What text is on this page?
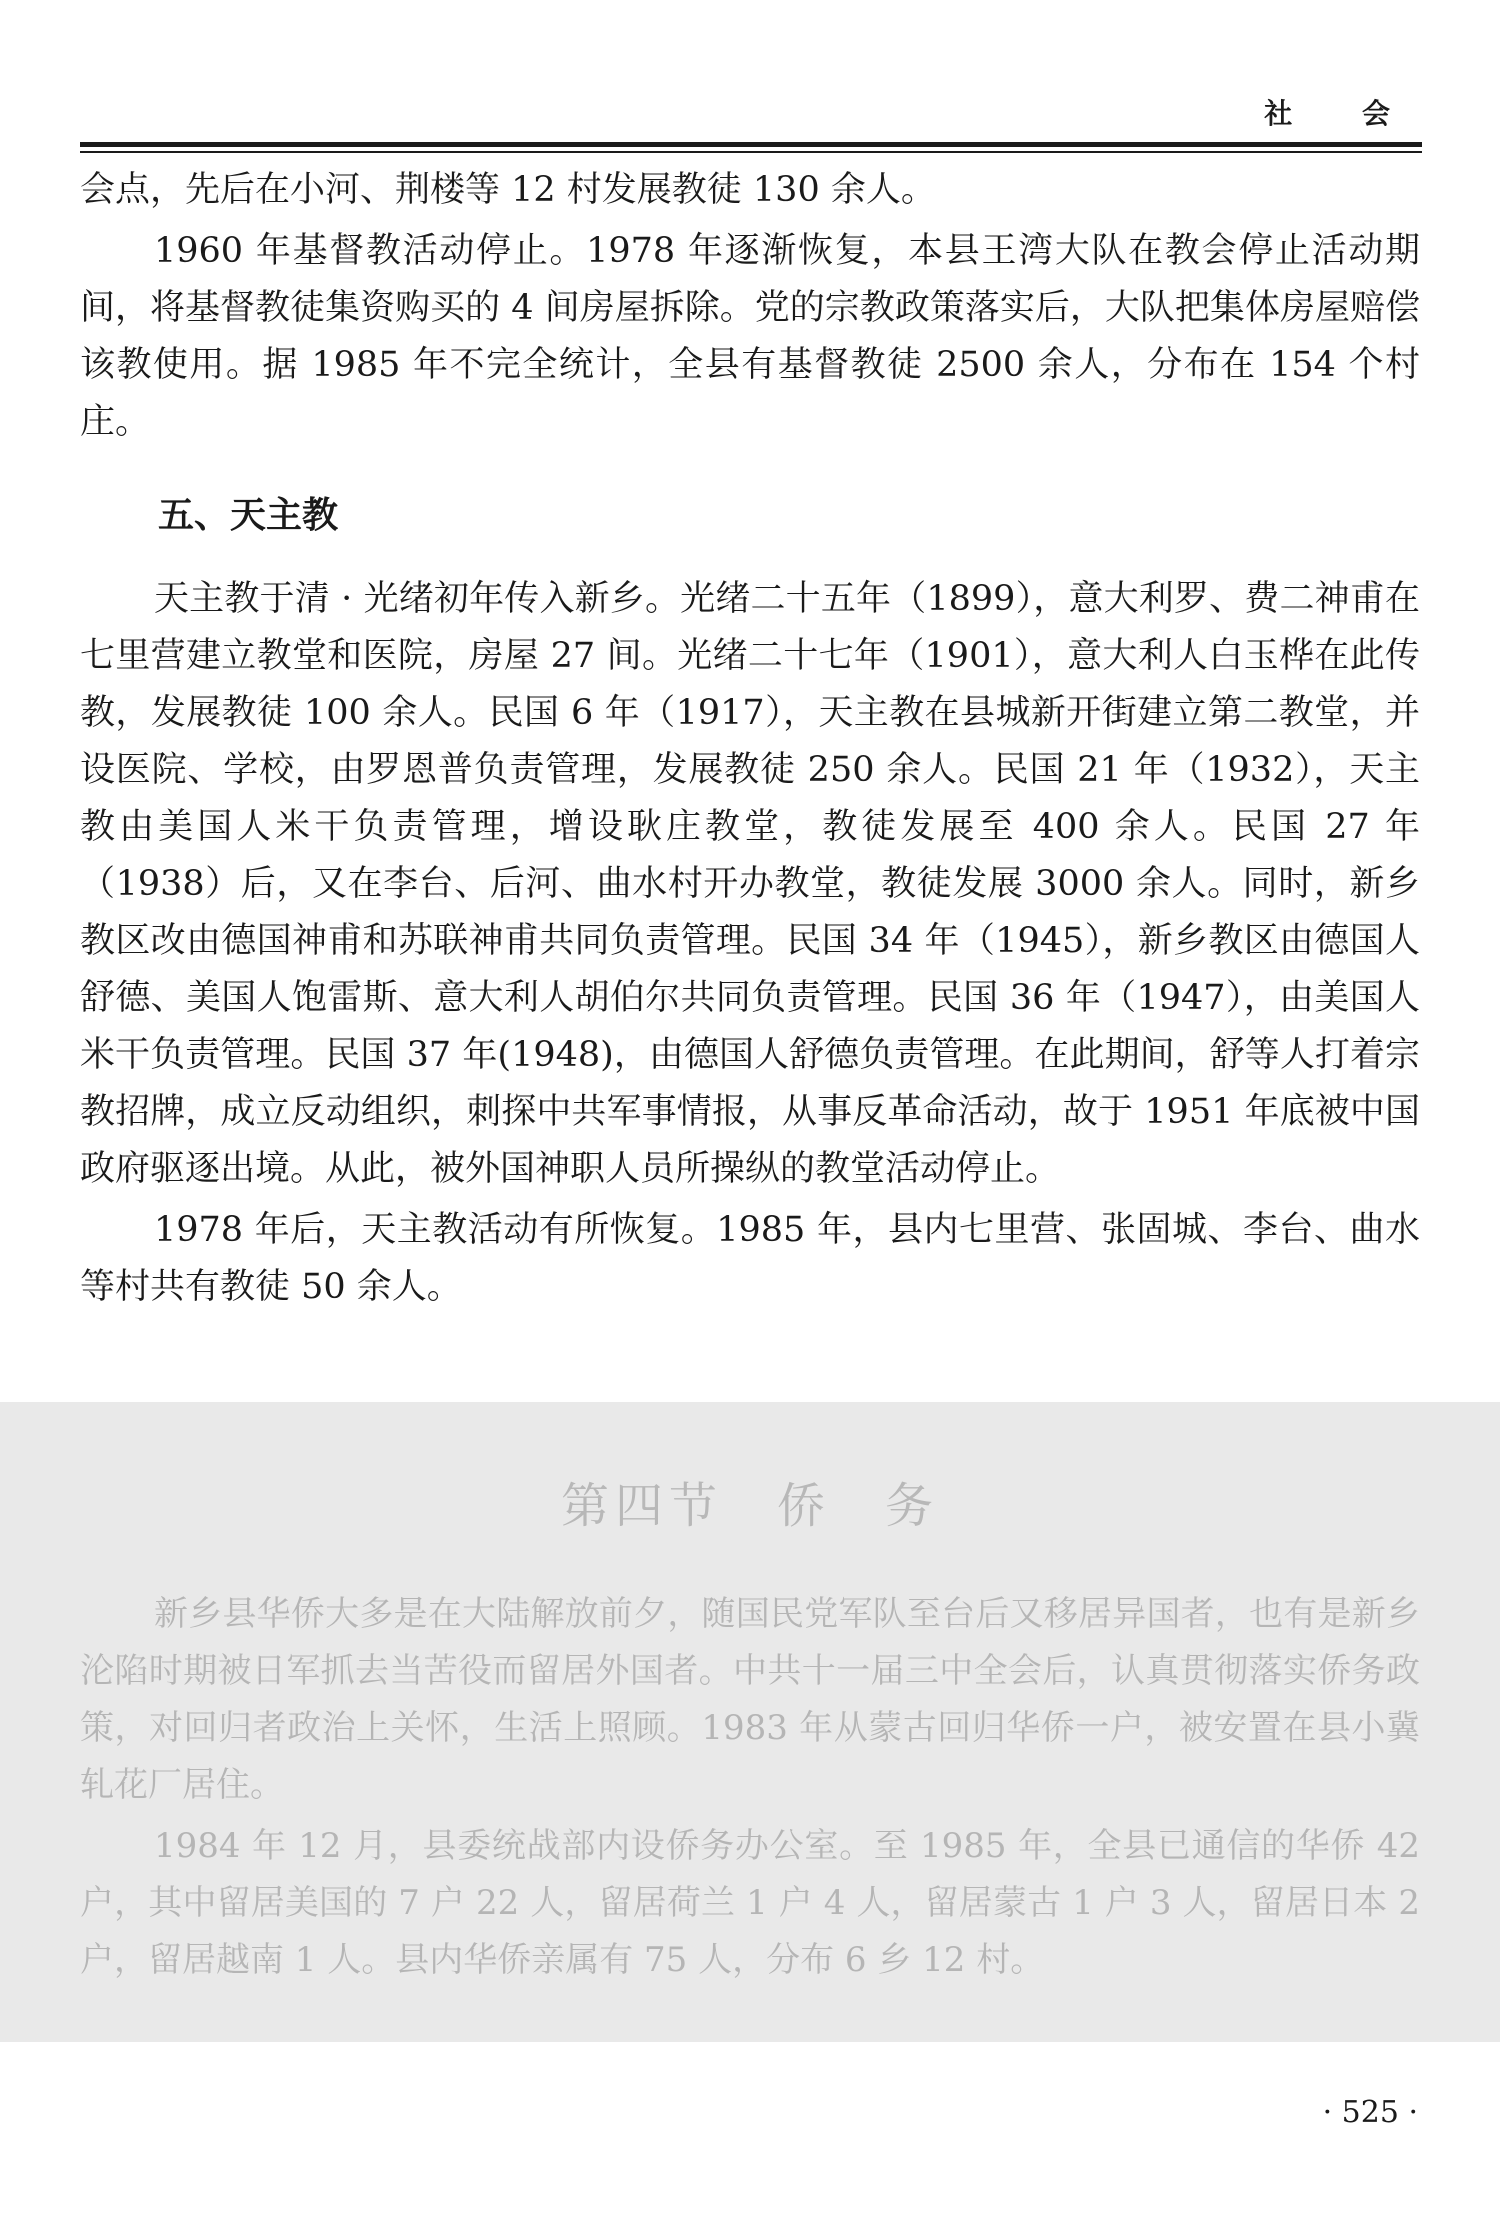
社 会

会点，先后在小河、荆楼等 12 村发展教徒 130 余人。

1960 年基督教活动停止。1978 年逐渐恢复，本县王湾大队在教会停止活动期间，将基督教徒集资购买的 4 间房屋拆除。党的宗教政策落实后，大队把集体房屋赔偿该教使用。据 1985 年不完全统计，全县有基督教徒 2500 余人，分布在 154 个村庄。

五、天主教

天主教于清 · 光绪初年传入新乡。光绪二十五年（1899），意大利罗、费二神甫在七里营建立教堂和医院，房屋 27 间。光绪二十七年（1901），意大利人白玉桦在此传教，发展教徒 100 余人。民国 6 年（1917），天主教在县城新开街建立第二教堂，并设医院、学校，由罗恩普负责管理，发展教徒 250 余人。民国 21 年（1932），天主教由美国人米干负责管理，增设耿庄教堂，教徒发展至 400 余人。民国 27 年（1938）后，又在李台、后河、曲水村开办教堂，教徒发展 3000 余人。同时，新乡教区改由德国神甫和苏联神甫共同负责管理。民国 34 年（1945），新乡教区由德国人舒德、美国人饱雷斯、意大利人胡伯尔共同负责管理。民国 36 年（1947），由美国人米干负责管理。民国 37 年(1948)，由德国人舒德负责管理。在此期间，舒等人打着宗教招牌，成立反动组织，刺探中共军事情报，从事反革命活动，故于 1951 年底被中国政府驱逐出境。从此，被外国神职人员所操纵的教堂活动停止。

1978 年后，天主教活动有所恢复。1985 年，县内七里营、张固城、李台、曲水等村共有教徒 50 余人。

第四节　侨　务

新乡县华侨大多是在大陆解放前夕，随国民党军队至台后又移居异国者，也有是新乡沦陷时期被日军抓去当苦役而留居外国者。中共十一届三中全会后，认真贯彻落实侨务政策，对回归者政治上关怀，生活上照顾。1983 年从蒙古回归华侨一户，被安置在县小冀轧花厂居住。

1984 年 12 月，县委统战部内设侨务办公室。至 1985 年，全县已通信的华侨 42 户，其中留居美国的 7 户 22 人，留居荷兰 1 户 4 人，留居蒙古 1 户 3 人，留居日本 2 户，留居越南 1 人。县内华侨亲属有 75 人，分布 6 乡 12 村。

· 525 ·
